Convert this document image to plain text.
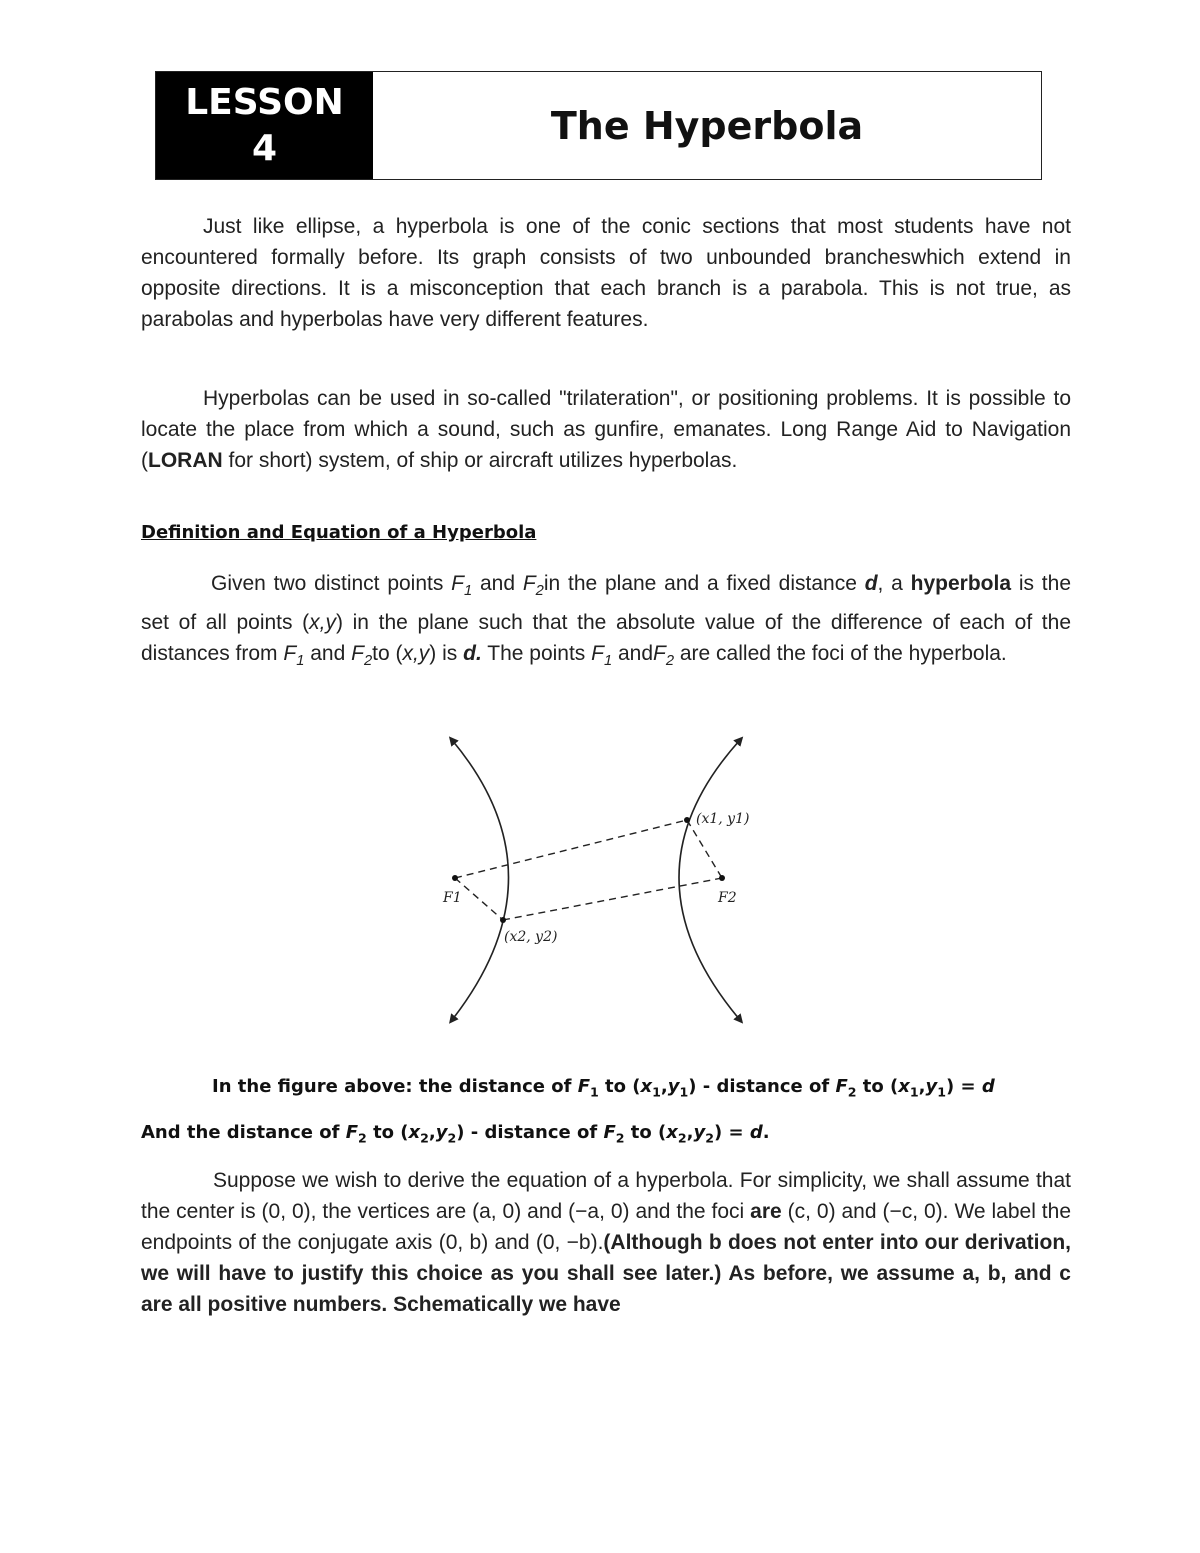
LESSON
4
The Hyperbola
Just like ellipse, a hyperbola is one of the conic sections that most students have not encountered formally before. Its graph consists of two unbounded brancheswhich extend in opposite directions. It is a misconception that each branch is a parabola. This is not true, as parabolas and hyperbolas have very different features.
Hyperbolas can be used in so-called "trilateration", or positioning problems. It is possible to locate the place from which a sound, such as gunfire, emanates. Long Range Aid to Navigation (LORAN for short) system, of ship or aircraft utilizes hyperbolas.
Definition and Equation of a Hyperbola
Given two distinct points $F_1$ and $F_2in$ the plane and a fixed distance d, a hyperbola is the set of all points (x,y) in the plane such that the absolute value of the difference of each of the distances from $F_1$ and $F_2to$ (x,y) is d. The points $F_1$ andF$_2$ are called the foci of the hyperbola.
(x1, y1)
(x2, y2)
F1	F2
In the figure above: the distance of $F_1$ to $(x_1,y_1)$ - distance of $F_2$ to $(x_1,y_1) = d$
And the distance of $F_2$ to $(x_2,y_2)$ - distance of $F_2$ to $(x_2,y_2) = d$.
Suppose we wish to derive the equation of a hyperbola. For simplicity, we shall assume that the center is (0, 0), the vertices are (a, 0) and (−a, 0) and the foci are (c, 0) and (−c, 0). We label the endpoints of the conjugate axis (0, b) and (0, −b).(Although b does not enter into our derivation, we will have to justify this choice as you shall see later.) As before, we assume a, b, and c are all positive numbers. Schematically we have
